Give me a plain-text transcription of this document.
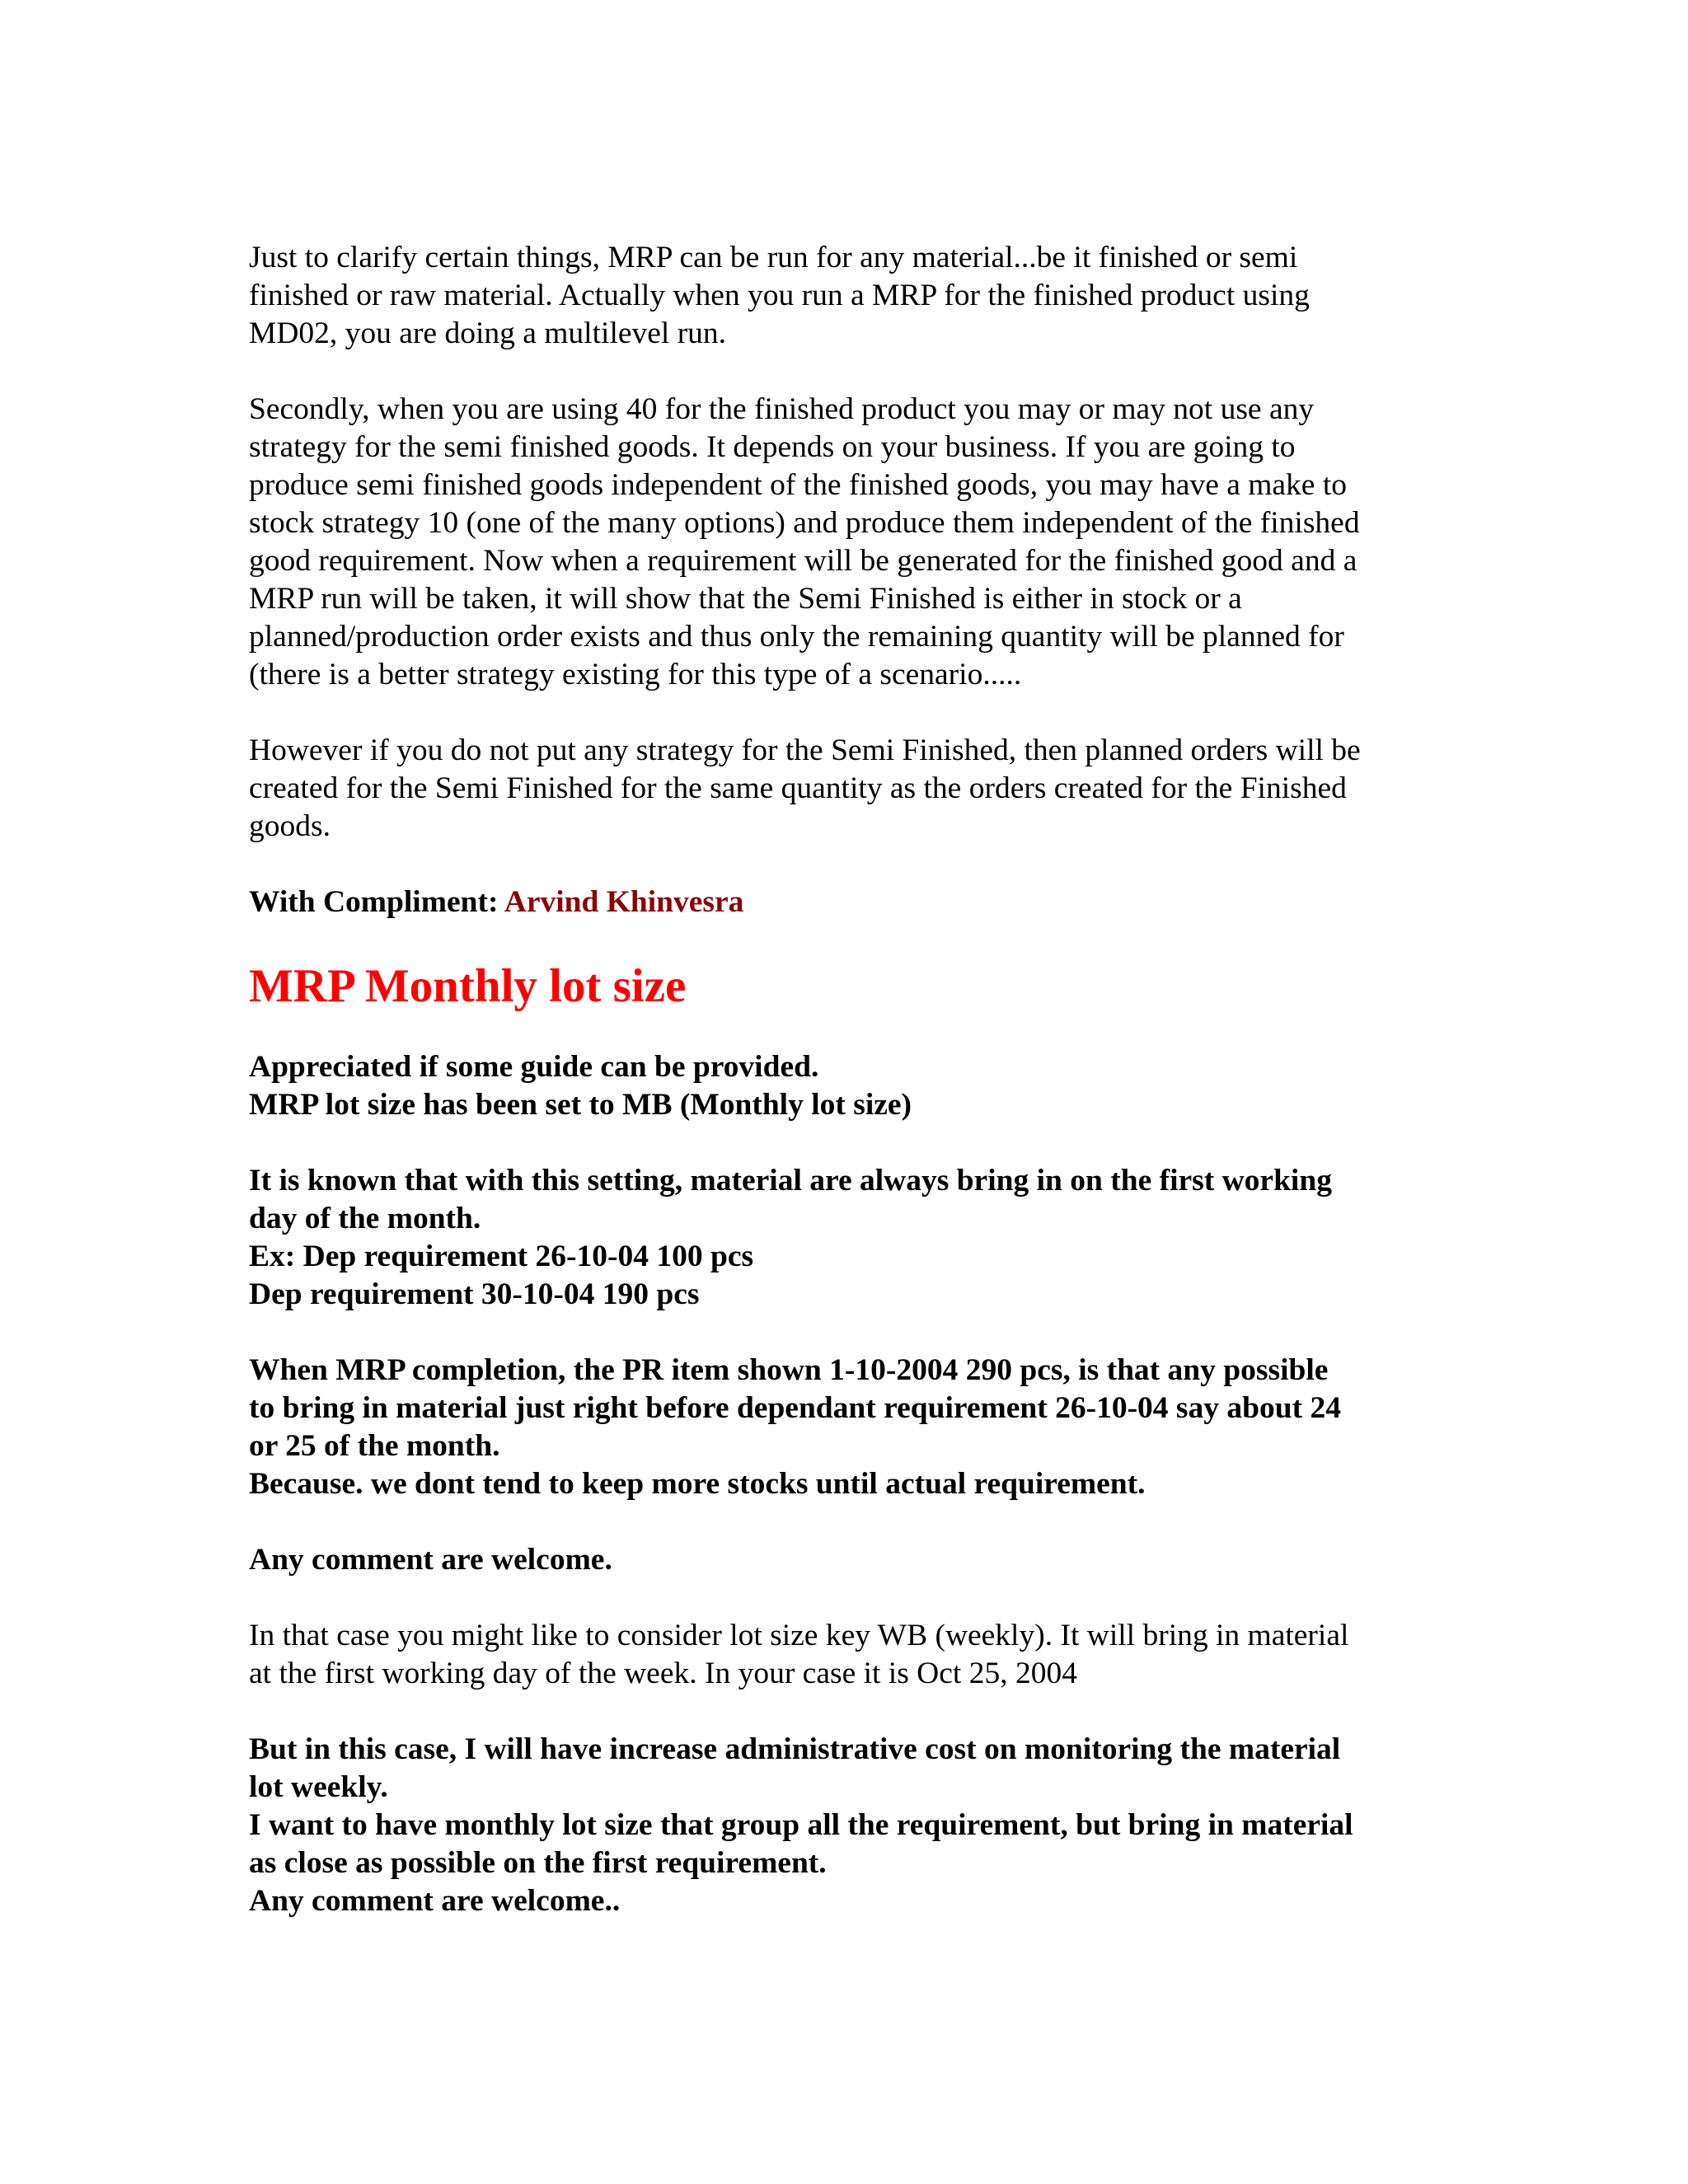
Just to clarify certain things, MRP can be run for any material...be it finished or semi
finished or raw material. Actually when you run a MRP for the finished product using
MD02, you are doing a multilevel run.
Secondly, when you are using 40 for the finished product you may or may not use any
strategy for the semi finished goods. It depends on your business. If you are going to
produce semi finished goods independent of the finished goods, you may have a make to
stock strategy 10 (one of the many options) and produce them independent of the finished
good requirement. Now when a requirement will be generated for the finished good and a
MRP run will be taken, it will show that the Semi Finished is either in stock or a
planned/production order exists and thus only the remaining quantity will be planned for
(there is a better strategy existing for this type of a scenario.....
However if you do not put any strategy for the Semi Finished, then planned orders will be
created for the Semi Finished for the same quantity as the orders created for the Finished
goods.
With Compliment: Arvind Khinvesra
MRP Monthly lot size
Appreciated if some guide can be provided.
MRP lot size has been set to MB (Monthly lot size)
It is known that with this setting, material are always bring in on the first working
day of the month.
Ex: Dep requirement 26-10-04 100 pcs
Dep requirement 30-10-04 190 pcs
When MRP completion, the PR item shown 1-10-2004 290 pcs, is that any possible
to bring in material just right before dependant requirement 26-10-04 say about 24
or 25 of the month.
Because. we dont tend to keep more stocks until actual requirement.
Any comment are welcome.
In that case you might like to consider lot size key WB (weekly). It will bring in material
at the first working day of the week. In your case it is Oct 25, 2004
But in this case, I will have increase administrative cost on monitoring the material
lot weekly.
I want to have monthly lot size that group all the requirement, but bring in material
as close as possible on the first requirement.
Any comment are welcome..
